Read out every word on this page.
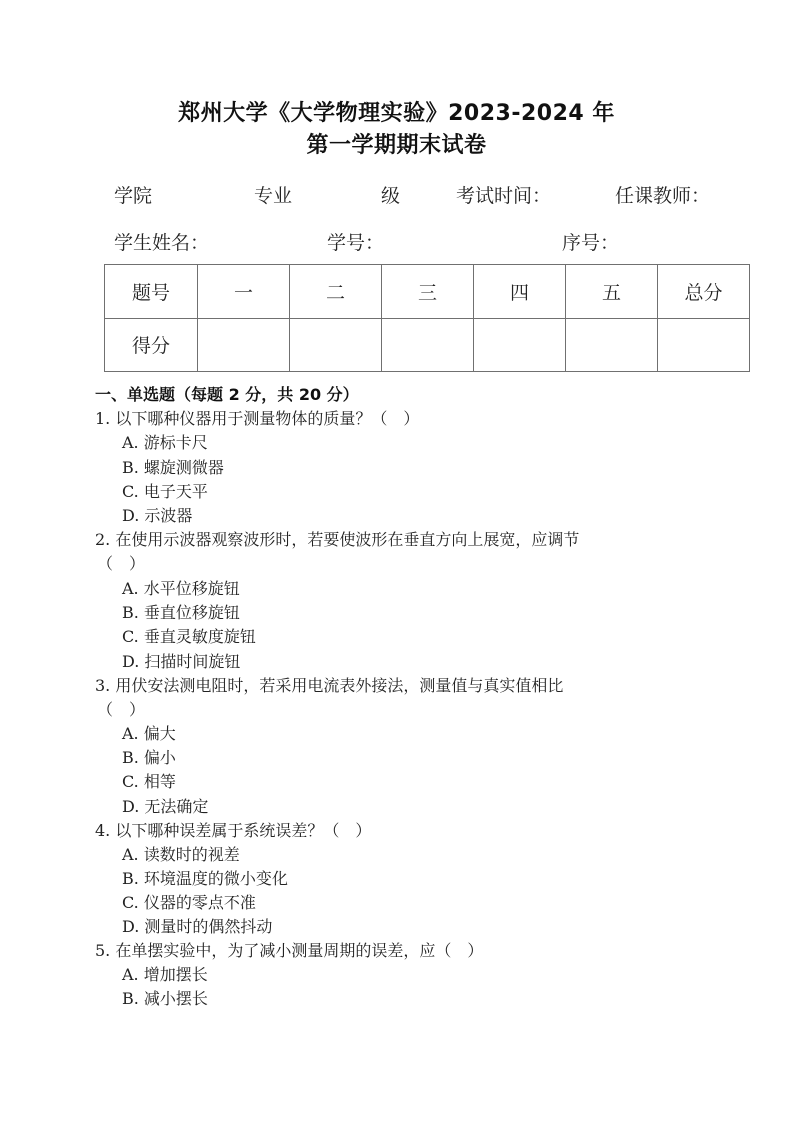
郑州大学《大学物理实验》2023-2024 年
第一学期期末试卷
学院	专业	级	考试时间：	任课教师：
学生姓名：	学号：	序号：
题号	一	二	三	四	五	总分
得分						
一、单选题（每题 2 分，共 20 分）
1. 以下哪种仪器用于测量物体的质量？（　）
A. 游标卡尺
B. 螺旋测微器
C. 电子天平
D. 示波器
2. 在使用示波器观察波形时，若要使波形在垂直方向上展宽，应调节
（　）
A. 水平位移旋钮
B. 垂直位移旋钮
C. 垂直灵敏度旋钮
D. 扫描时间旋钮
3. 用伏安法测电阻时，若采用电流表外接法，测量值与真实值相比
（　）
A. 偏大
B. 偏小
C. 相等
D. 无法确定
4. 以下哪种误差属于系统误差？（　）
A. 读数时的视差
B. 环境温度的微小变化
C. 仪器的零点不准
D. 测量时的偶然抖动
5. 在单摆实验中，为了减小测量周期的误差，应（　）
A. 增加摆长
B. 减小摆长
